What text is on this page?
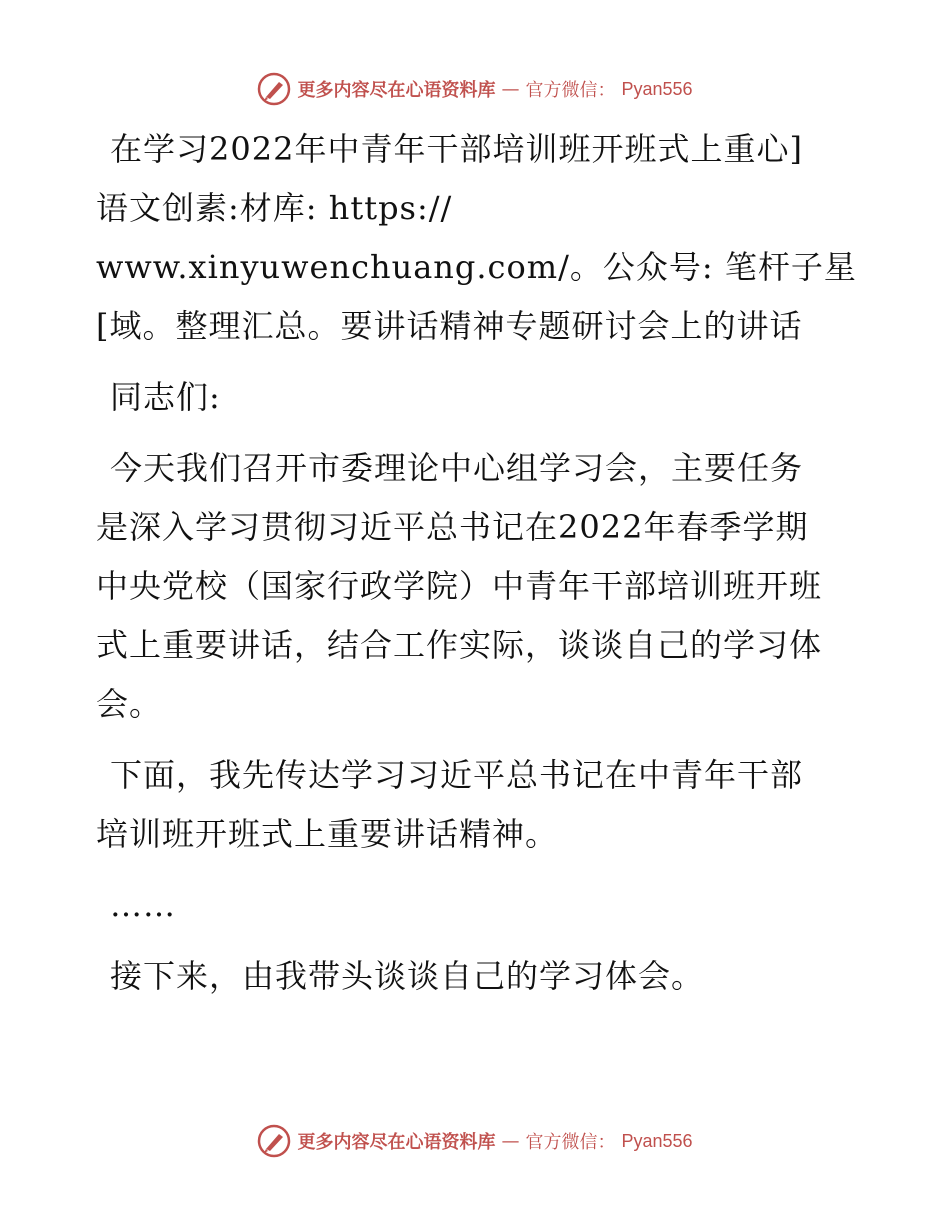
更多内容尽在心语资料库 — 官方微信： Pyan556
在学习2022年中青年干部培训班开班式上重心]
语文创素:材库: https://
www.xinyuwenchuang.com/。公众号: 笔杆子星
[域。整理汇总。要讲话精神专题研讨会上的讲话
同志们:
今天我们召开市委理论中心组学习会，主要任务
是深入学习贯彻习近平总书记在2022年春季学期
中央党校（国家行政学院）中青年干部培训班开班
式上重要讲话，结合工作实际，谈谈自己的学习体
会。
下面，我先传达学习习近平总书记在中青年干部
培训班开班式上重要讲话精神。
……
接下来，由我带头谈谈自己的学习体会。
更多内容尽在心语资料库 — 官方微信： Pyan556
